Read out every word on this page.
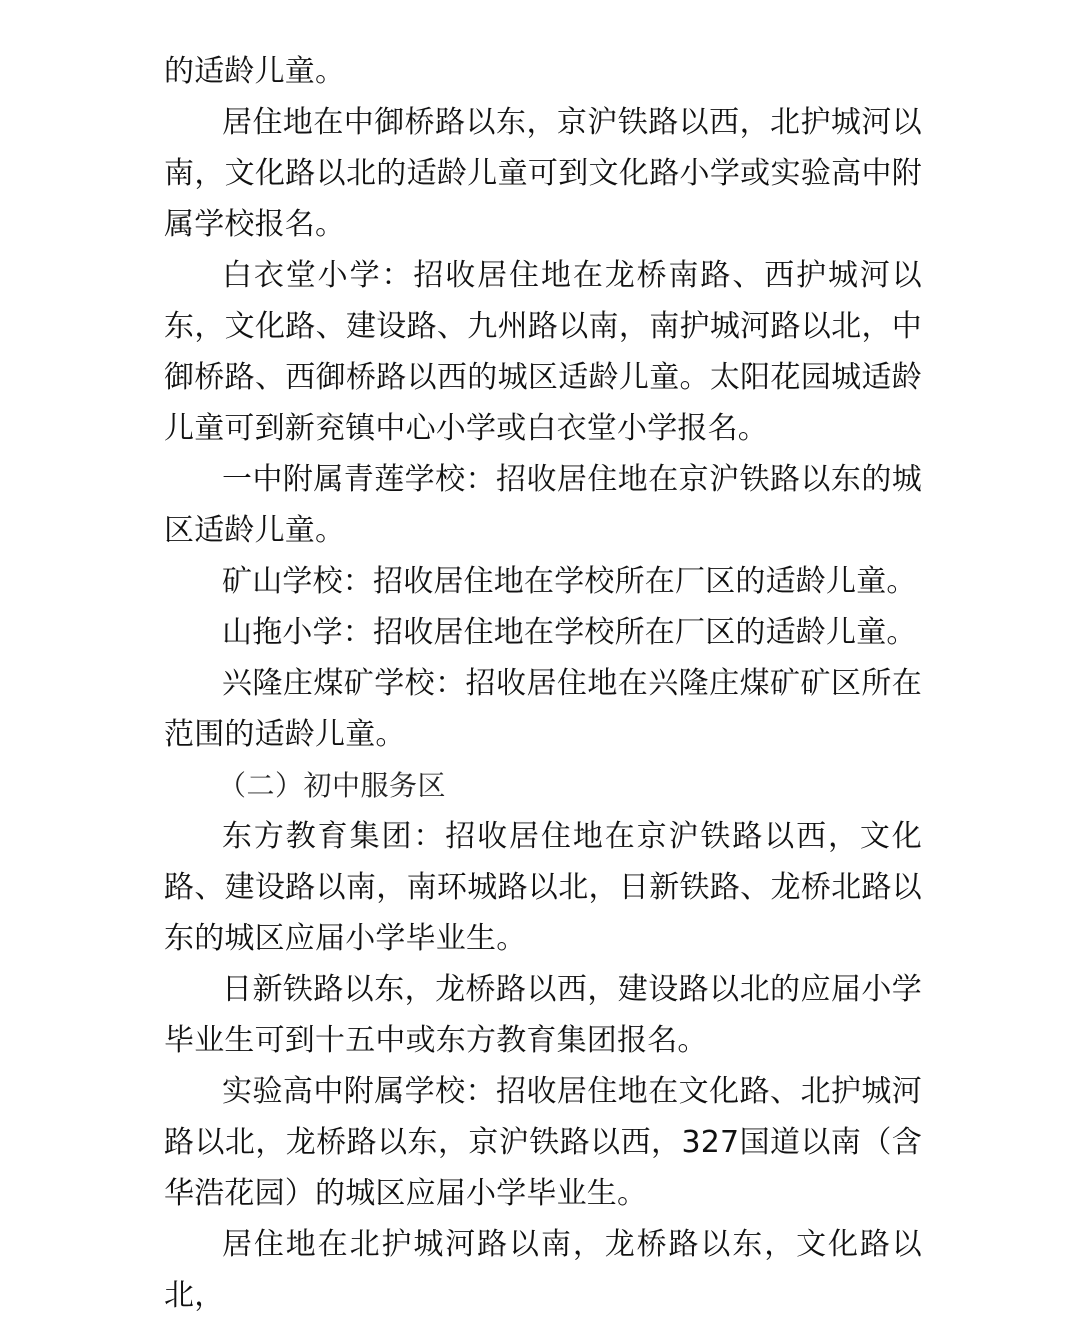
的适龄儿童。

居住地在中御桥路以东，京沪铁路以西，北护城河以南，文化路以北的适龄儿童可到文化路小学或实验高中附属学校报名。

白衣堂小学：招收居住地在龙桥南路、西护城河以东，文化路、建设路、九州路以南，南护城河路以北，中御桥路、西御桥路以西的城区适龄儿童。太阳花园城适龄儿童可到新兖镇中心小学或白衣堂小学报名。

一中附属青莲学校：招收居住地在京沪铁路以东的城区适龄儿童。

矿山学校：招收居住地在学校所在厂区的适龄儿童。

山拖小学：招收居住地在学校所在厂区的适龄儿童。

兴隆庄煤矿学校：招收居住地在兴隆庄煤矿矿区所在范围的适龄儿童。

（二）初中服务区

东方教育集团：招收居住地在京沪铁路以西，文化路、建设路以南，南环城路以北，日新铁路、龙桥北路以东的城区应届小学毕业生。

日新铁路以东，龙桥路以西，建设路以北的应届小学毕业生可到十五中或东方教育集团报名。

实验高中附属学校：招收居住地在文化路、北护城河路以北，龙桥路以东，京沪铁路以西，327国道以南（含华浩花园）的城区应届小学毕业生。

居住地在北护城河路以南，龙桥路以东，文化路以北，
